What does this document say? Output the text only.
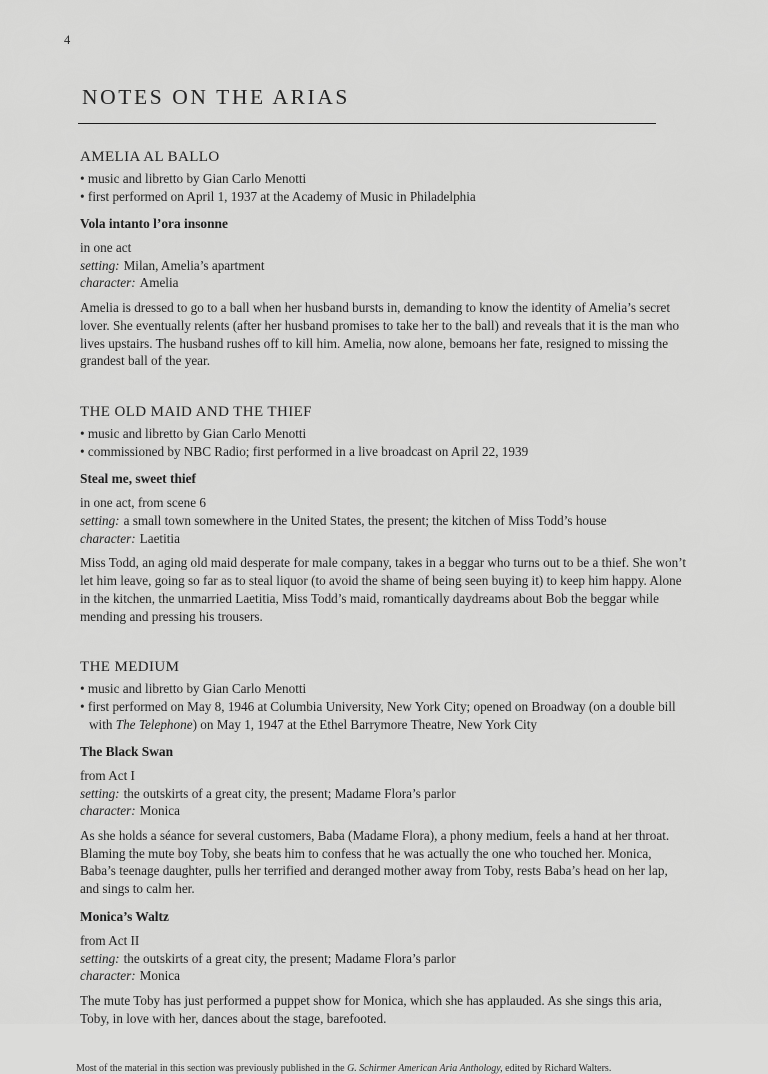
4
NOTES ON THE ARIAS
AMELIA AL BALLO
• music and libretto by Gian Carlo Menotti
• first performed on April 1, 1937 at the Academy of Music in Philadelphia
Vola intanto l’ora insonne
in one act
setting: Milan, Amelia’s apartment
character: Amelia

Amelia is dressed to go to a ball when her husband bursts in, demanding to know the identity of Amelia’s secret lover. She eventually relents (after her husband promises to take her to the ball) and reveals that it is the man who lives upstairs. The husband rushes off to kill him. Amelia, now alone, bemoans her fate, resigned to missing the grandest ball of the year.

THE OLD MAID AND THE THIEF
• music and libretto by Gian Carlo Menotti
• commissioned by NBC Radio; first performed in a live broadcast on April 22, 1939
Steal me, sweet thief
in one act, from scene 6
setting: a small town somewhere in the United States, the present; the kitchen of Miss Todd’s house
character: Laetitia

Miss Todd, an aging old maid desperate for male company, takes in a beggar who turns out to be a thief. She won’t let him leave, going so far as to steal liquor (to avoid the shame of being seen buying it) to keep him happy. Alone in the kitchen, the unmarried Laetitia, Miss Todd’s maid, romantically daydreams about Bob the beggar while mending and pressing his trousers.

THE MEDIUM
• music and libretto by Gian Carlo Menotti
• first performed on May 8, 1946 at Columbia University, New York City; opened on Broadway (on a double bill with The Telephone) on May 1, 1947 at the Ethel Barrymore Theatre, New York City
The Black Swan
from Act I
setting: the outskirts of a great city, the present; Madame Flora’s parlor
character: Monica

As she holds a séance for several customers, Baba (Madame Flora), a phony medium, feels a hand at her throat. Blaming the mute boy Toby, she beats him to confess that he was actually the one who touched her. Monica, Baba’s teenage daughter, pulls her terrified and deranged mother away from Toby, rests Baba’s head on her lap, and sings to calm her.

Monica’s Waltz
from Act II
setting: the outskirts of a great city, the present; Madame Flora’s parlor
character: Monica

The mute Toby has just performed a puppet show for Monica, which she has applauded. As she sings this aria, Toby, in love with her, dances about the stage, barefooted.

Most of the material in this section was previously published in the G. Schirmer American Aria Anthology, edited by Richard Walters.
